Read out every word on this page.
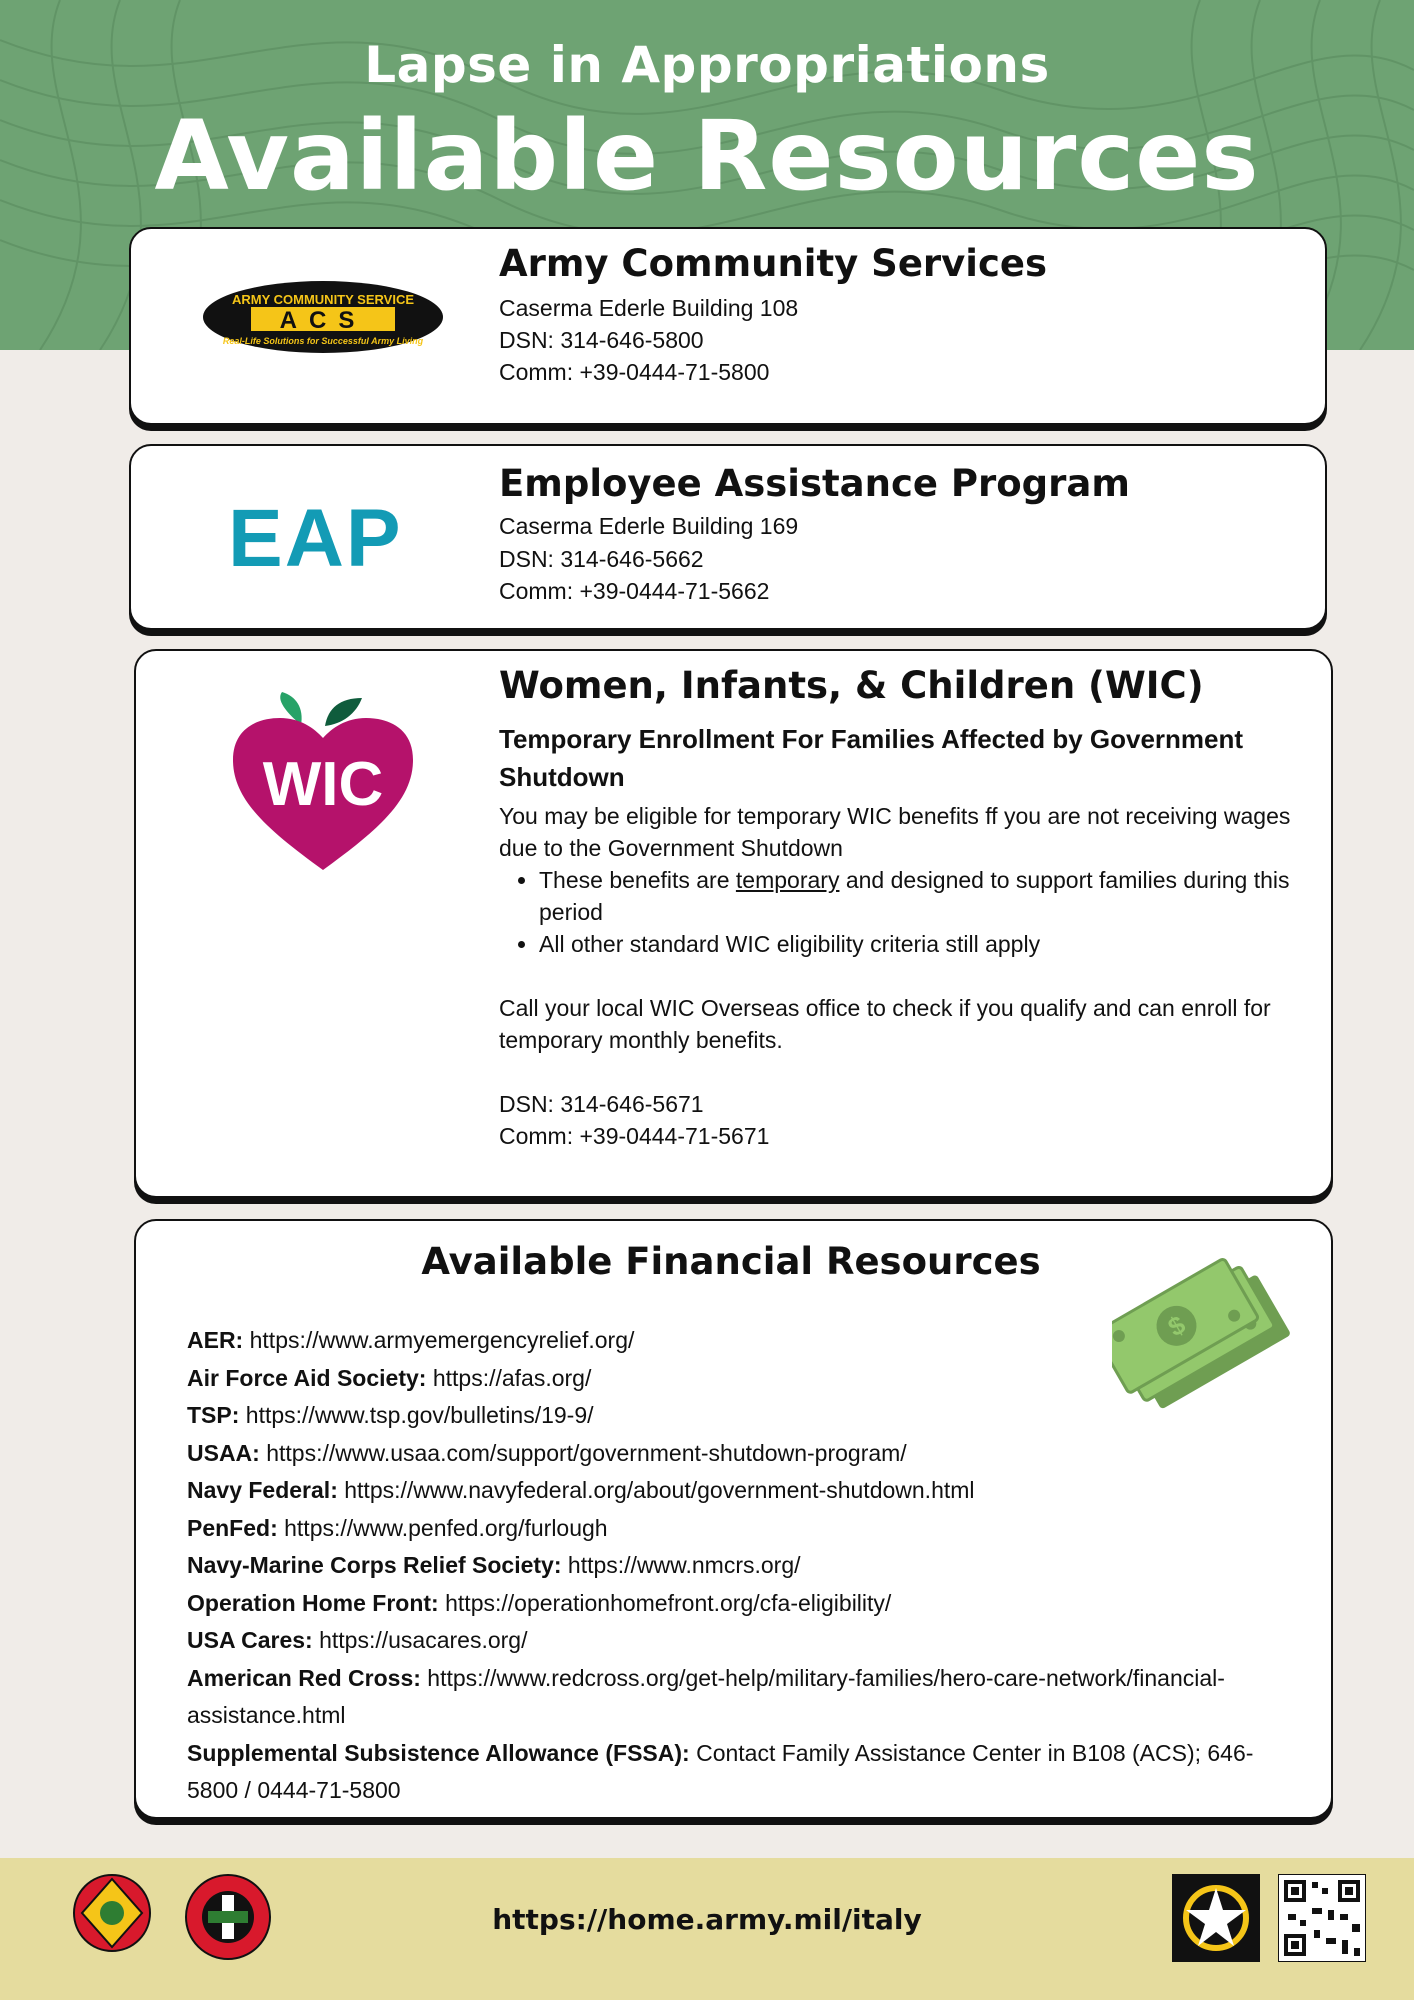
Lapse in Appropriations
Available Resources
ARMY COMMUNITY SERVICE
ACS
Real-Life Solutions for Successful Army Living
Army Community Services
Caserma Ederle Building 108
DSN: 314-646-5800
Comm: +39-0444-71-5800
EAP
Employee Assistance Program
Caserma Ederle Building 169
DSN: 314-646-5662
Comm: +39-0444-71-5662
WIC
Women, Infants, & Children (WIC)
Temporary Enrollment For Families Affected by Government Shutdown

You may be eligible for temporary WIC benefits ff you are not receiving wages due to the Government Shutdown

• These benefits are temporary and designed to support families during this period
• All other standard WIC eligibility criteria still apply

Call your local WIC Overseas office to check if you qualify and can enroll for temporary monthly benefits.

DSN: 314-646-5671

Comm: +39-0444-71-5671

Available Financial Resources
$

AER: https://www.armyemergencyrelief.org/

Air Force Aid Society: https://afas.org/

TSP: https://www.tsp.gov/bulletins/19-9/

USAA: https://www.usaa.com/support/government-shutdown-program/

Navy Federal: https://www.navyfederal.org/about/government-shutdown.html

PenFed: https://www.penfed.org/furlough

Navy-Marine Corps Relief Society: https://www.nmcrs.org/

Operation Home Front: https://operationhomefront.org/cfa-eligibility/

USA Cares: https://usacares.org/

American Red Cross: https://www.redcross.org/get-help/military-families/hero-care-network/financial-assistance.html

Supplemental Subsistence Allowance (FSSA): Contact Family Assistance Center in B108 (ACS); 646-5800 / 0444-71-5800

https://home.army.mil/italy
